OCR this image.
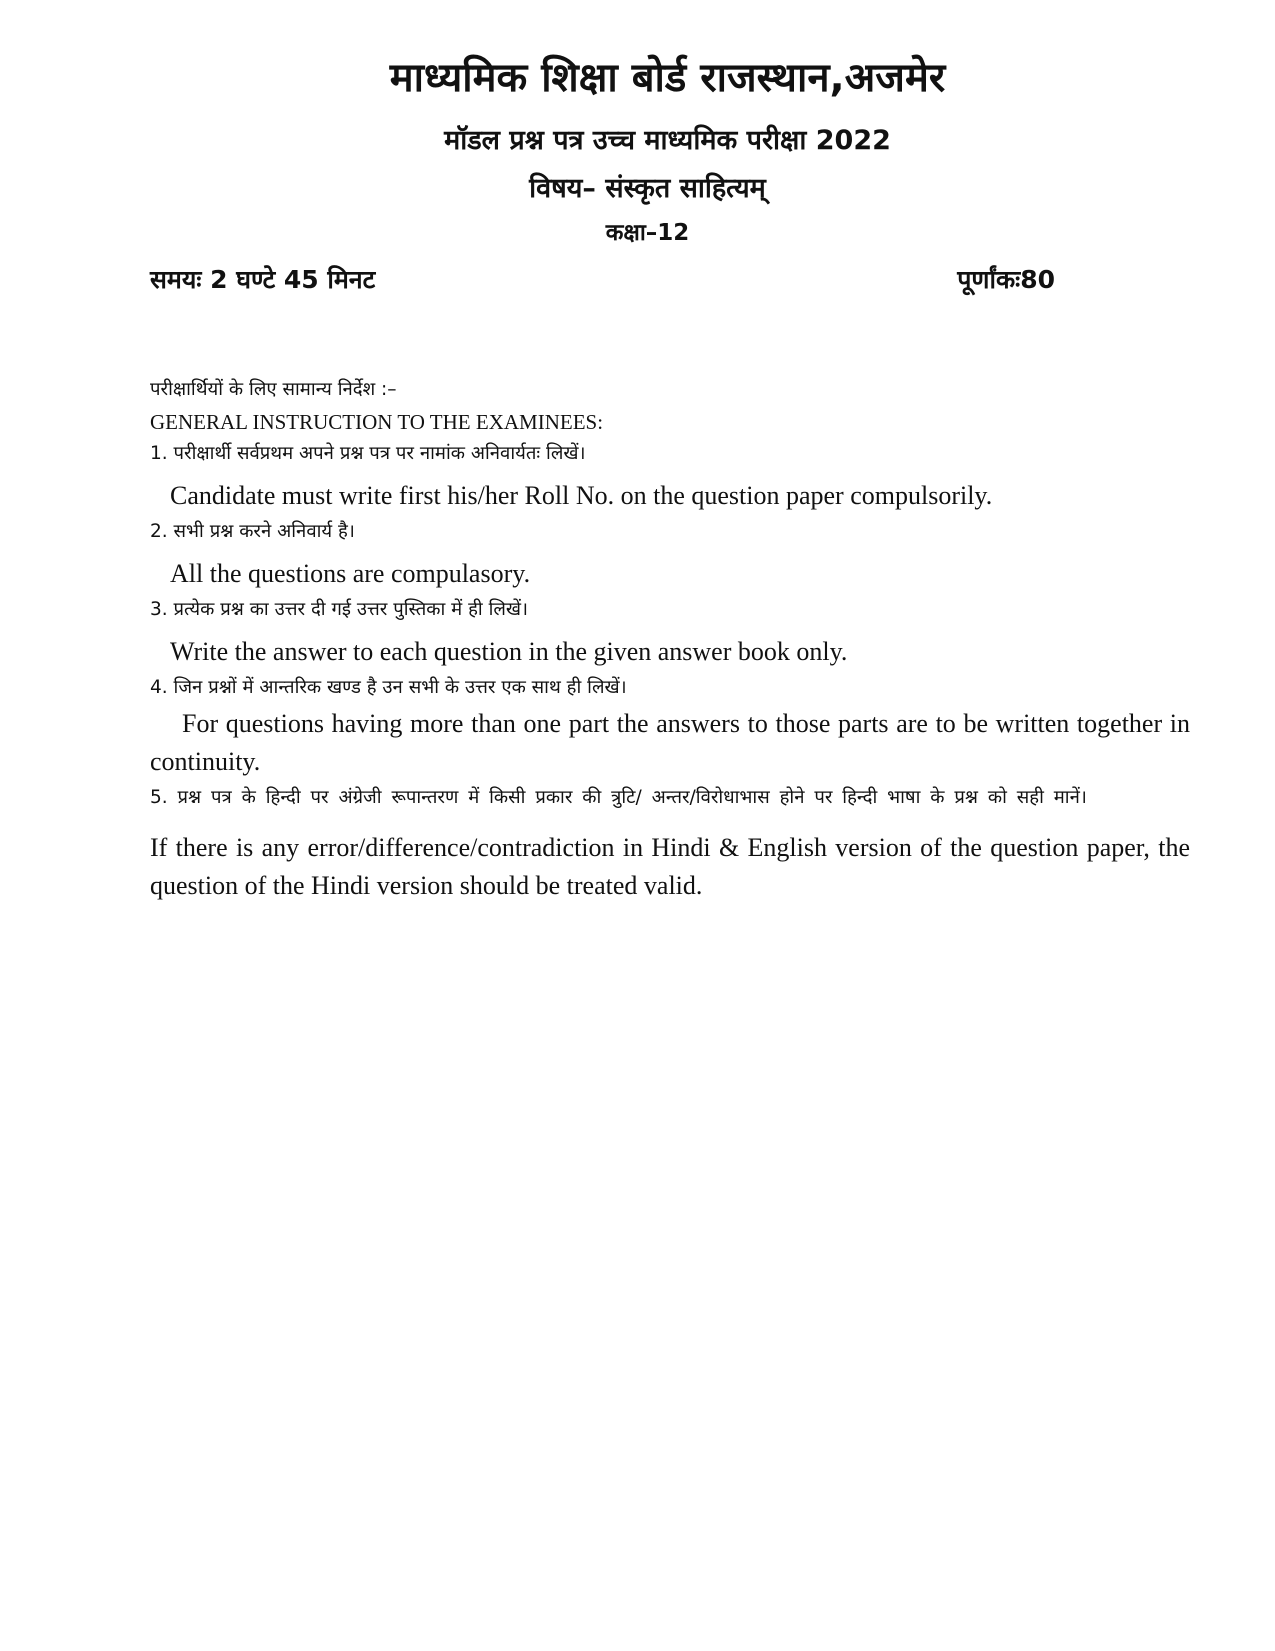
माध्यमिक शिक्षा बोर्ड राजस्थान,अजमेर
मॉडल प्रश्न पत्र उच्च माध्यमिक परीक्षा 2022
विषय– संस्कृत साहित्यम्
कक्षा–12
समयः 2 घण्टे 45 मिनट	पूर्णांकः80

परीक्षार्थियों के लिए सामान्य निर्देश :–

GENERAL INSTRUCTION TO THE EXAMINEES:

1. परीक्षार्थी सर्वप्रथम अपने प्रश्न पत्र पर नामांक अनिवार्यतः लिखें।

Candidate must write first his/her Roll No. on the question paper compulsorily.

2. सभी प्रश्न करने अनिवार्य है।

All the questions are compulasory.

3. प्रत्येक प्रश्न का उत्तर दी गई उत्तर पुस्तिका में ही लिखें।

Write the answer to each question in the given answer book only.

4. जिन प्रश्नों में आन्तरिक खण्ड है उन सभी के उत्तर एक साथ ही लिखें।

For questions having more than one part the answers to those parts are to be written together in continuity.

5. प्रश्न पत्र के हिन्दी पर अंग्रेजी रूपान्तरण में किसी प्रकार की त्रुटि/ अन्तर/विरोधाभास होने पर हिन्दी भाषा के प्रश्न को सही मानें।

If there is any error/difference/contradiction in Hindi & English version of the question paper, the question of the Hindi version should be treated valid.
